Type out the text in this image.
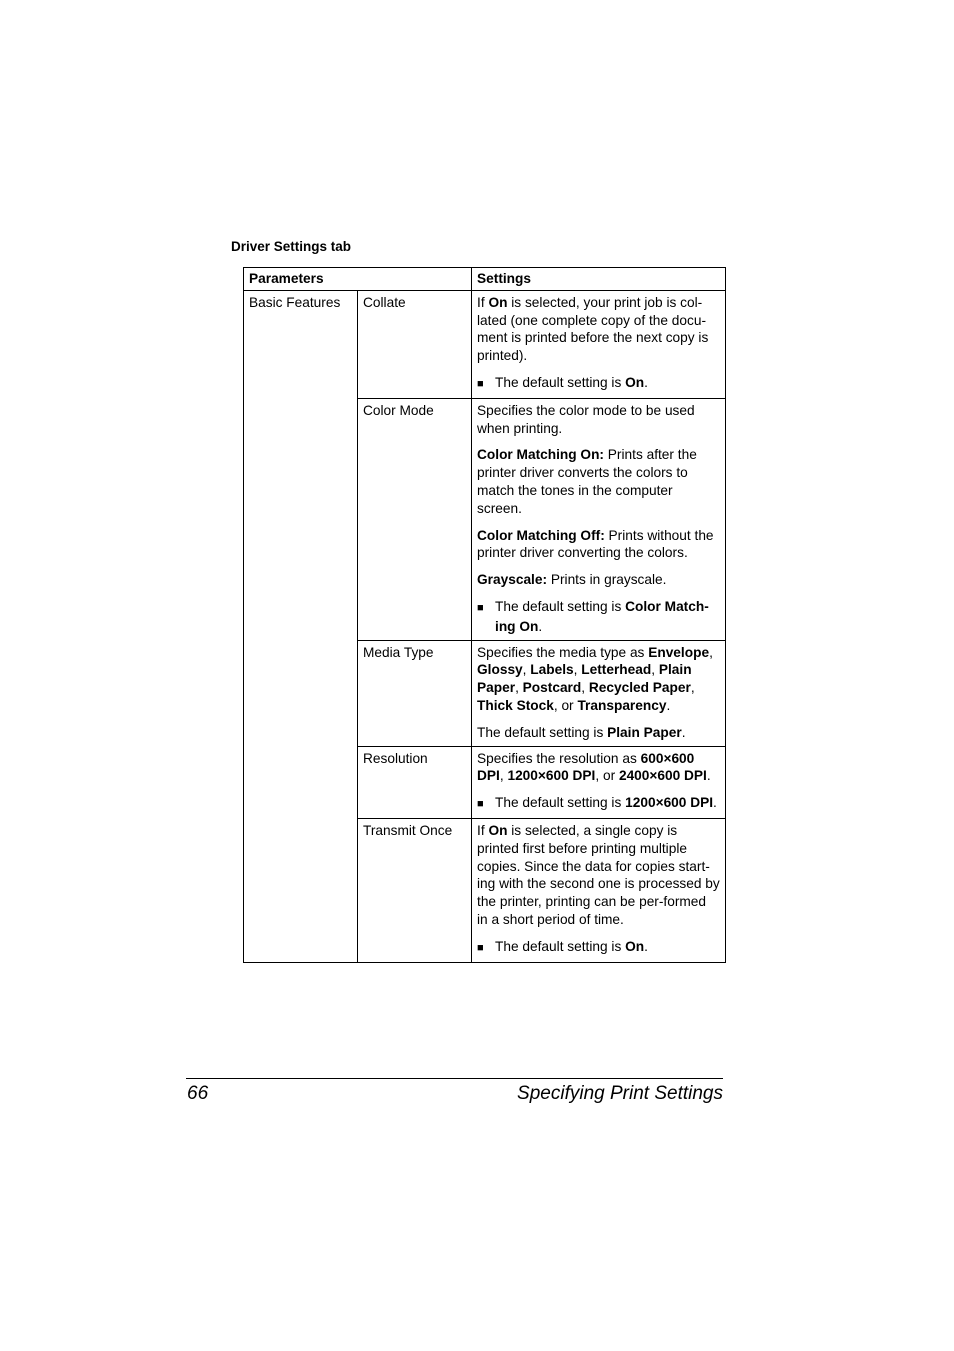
Driver Settings tab
Parameters		Settings
Basic Features	Collate	If On is selected, your print job is col-lated (one complete copy of the docu-ment is printed before the next copy is printed).

■ The default setting is On.

	Color Mode	Specifies the color mode to be used when printing.

Color Matching On: Prints after the printer driver converts the colors to match the tones in the computer screen.

Color Matching Off: Prints without the printer driver converting the colors.

Grayscale: Prints in grayscale.

■ The default setting is Color Match-ing On.

	Media Type	Specifies the media type as Envelope, Glossy, Labels, Letterhead, Plain Paper, Postcard, Recycled Paper, Thick Stock, or Transparency.

The default setting is Plain Paper.

	Resolution	Specifies the resolution as 600×600 DPI, 1200×600 DPI, or 2400×600 DPI.

■ The default setting is 1200×600 DPI.

	Transmit Once	If On is selected, a single copy is printed first before printing multiple copies. Since the data for copies start-ing with the second one is processed by the printer, printing can be per-formed in a short period of time.

■ The default setting is On.

66	Specifying Print Settings
